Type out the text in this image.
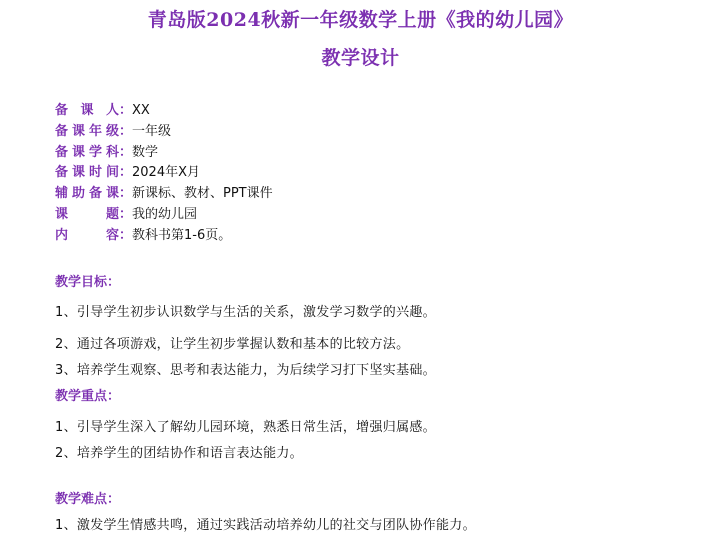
青岛版2024秋新一年级数学上册《我的幼儿园》
教学设计
备课人 ： XX
备课年级 ： 一年级
备课学科 ： 数学
备课时间 ： 2024年X月
辅助备课 ： 新课标、教材、PPT课件
课题 ： 我的幼儿园
内容 ： 教科书第1-6页。
教学目标：
1、引导学生初步认识数学与生活的关系，激发学习数学的兴趣。
2、通过各项游戏，让学生初步掌握认数和基本的比较方法。
3、培养学生观察、思考和表达能力，为后续学习打下坚实基础。
教学重点：
1、引导学生深入了解幼儿园环境，熟悉日常生活，增强归属感。
2、培养学生的团结协作和语言表达能力。
教学难点：
1、激发学生情感共鸣，通过实践活动培养幼儿的社交与团队协作能力。
